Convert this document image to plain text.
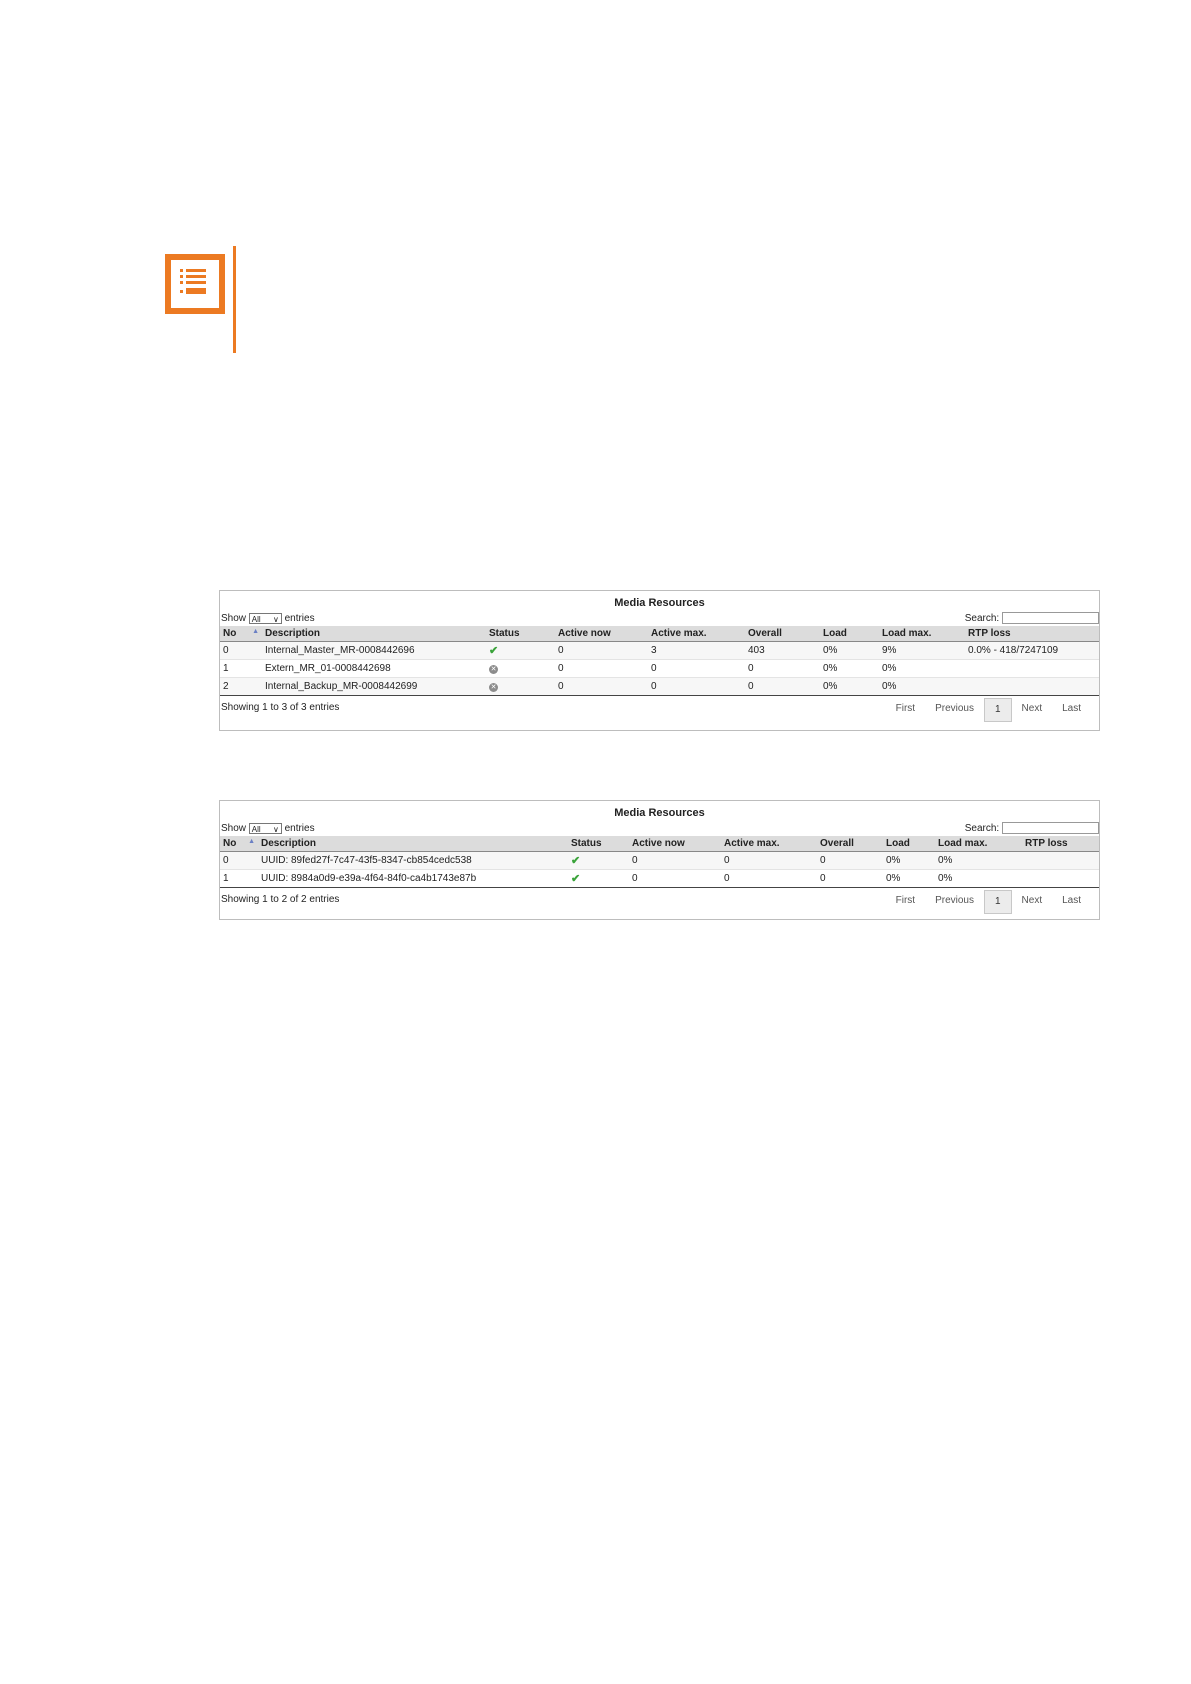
Media Resources
Show All ∨ entries	Search:
No ▲	Description	Status	Active now	Active max.	Overall	Load	Load max.	RTP loss
0	Internal_Master_MR-0008442696	✔	0	3	403	0%	9%	0.0% - 418/7247109
1	Extern_MR_01-0008442698	✕	0	0	0	0%	0%	
2	Internal_Backup_MR-0008442699	✕	0	0	0	0%	0%	
Showing 1 to 3 of 3 entries	First	Previous	1	Next	Last
Media Resources
Show All ∨ entries	Search:
No ▲	Description	Status	Active now	Active max.	Overall	Load	Load max.	RTP loss
0	UUID: 89fed27f-7c47-43f5-8347-cb854cedc538	✔	0	0	0	0%	0%	
1	UUID: 8984a0d9-e39a-4f64-84f0-ca4b1743e87b	✔	0	0	0	0%	0%	
Showing 1 to 2 of 2 entries	First	Previous	1	Next	Last
